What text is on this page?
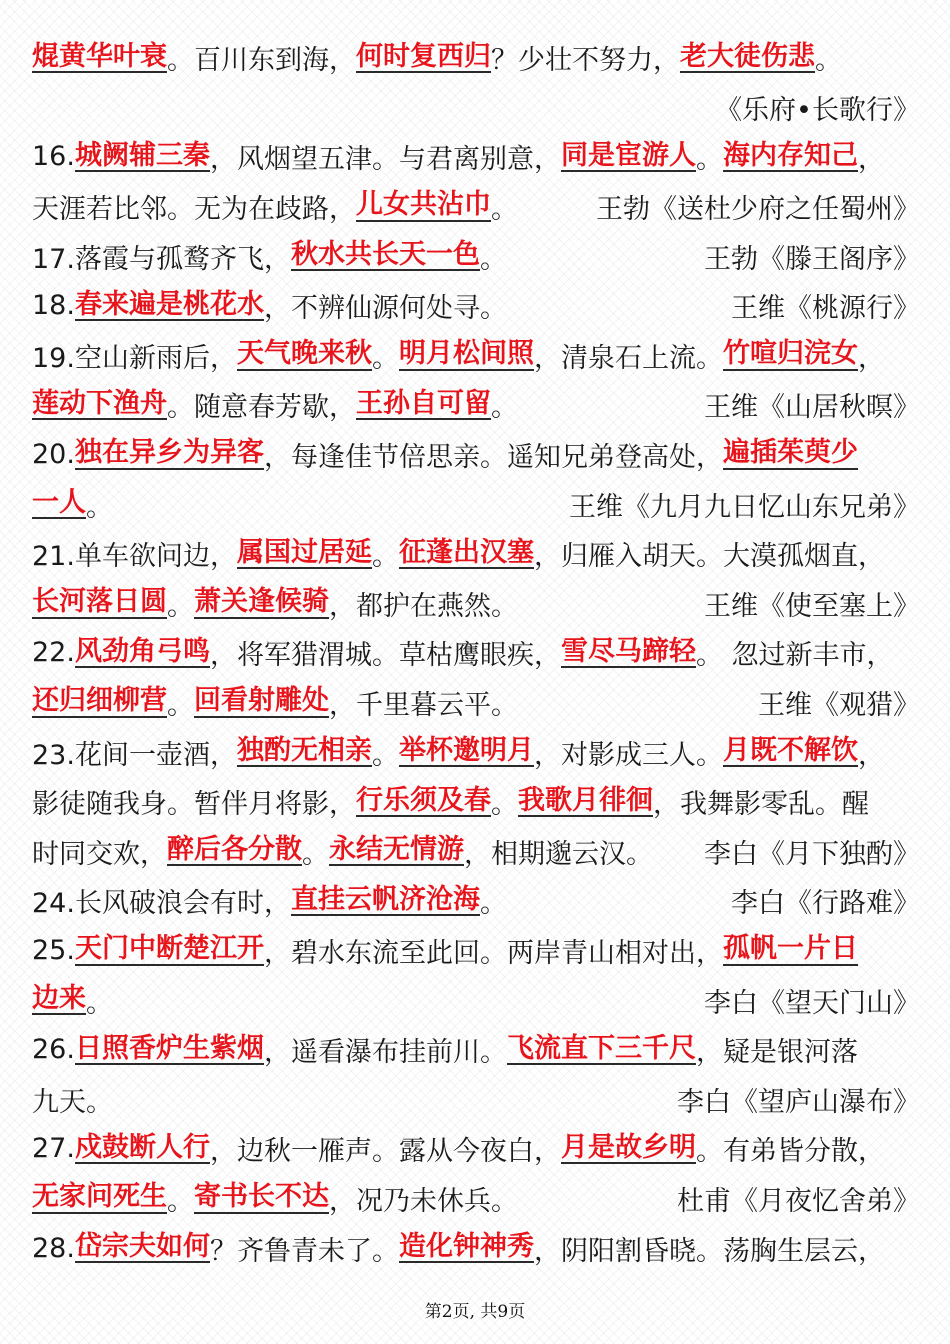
焜黄华叶衰 。百川东到海， 何时复西归 ？少壮不努力， 老大徒伤悲 。
《乐府•长歌行》
16. 城阙辅三秦 ，风烟望五津。与君离别意， 同是宦游人 。 海内存知己 ，
天涯若比邻。无为在歧路， 儿女共沾巾 。	王勃《送杜少府之任蜀州》
17.落霞与孤鹜齐飞， 秋水共长天一色 。	王勃《滕王阁序》
18. 春来遍是桃花水 ，不辨仙源何处寻。	王维《桃源行》
19.空山新雨后， 天气晚来秋 。 明月松间照 ，清泉石上流。 竹喧归浣女 ，
莲动下渔舟 。随意春芳歇， 王孙自可留 。	王维《山居秋暝》
20. 独在异乡为异客 ，每逢佳节倍思亲。遥知兄弟登高处， 遍插茱萸少
一人 。	王维《九月九日忆山东兄弟》
21.单车欲问边， 属国过居延 。 征蓬出汉塞 ，归雁入胡天。大漠孤烟直，
长河落日圆 。 萧关逢候骑 ，都护在燕然。	王维《使至塞上》
22. 风劲角弓鸣 ，将军猎渭城。草枯鹰眼疾， 雪尽马蹄轻 。 忽过新丰市，
还归细柳营 。 回看射雕处 ，千里暮云平。	王维《观猎》
23.花间一壶酒， 独酌无相亲 。 举杯邀明月 ，对影成三人。 月既不解饮 ，
影徒随我身。暂伴月将影， 行乐须及春 。 我歌月徘徊 ，我舞影零乱。醒
时同交欢， 醉后各分散 。 永结无情游 ，相期邈云汉。 李白《月下独酌》
24.长风破浪会有时， 直挂云帆济沧海 。	李白《行路难》
25. 天门中断楚江开 ，碧水东流至此回。两岸青山相对出， 孤帆一片日
边来 。	李白《望天门山》
26. 日照香炉生紫烟 ，遥看瀑布挂前川。 飞流直下三千尺 ，疑是银河落
九天。	李白《望庐山瀑布》
27. 戍鼓断人行 ，边秋一雁声。露从今夜白， 月是故乡明 。有弟皆分散，
无家问死生 。 寄书长不达 ，况乃未休兵。	杜甫《月夜忆舍弟》
28. 岱宗夫如何 ？齐鲁青未了。 造化钟神秀 ，阴阳割昏晓。荡胸生层云，
第2页, 共9页
